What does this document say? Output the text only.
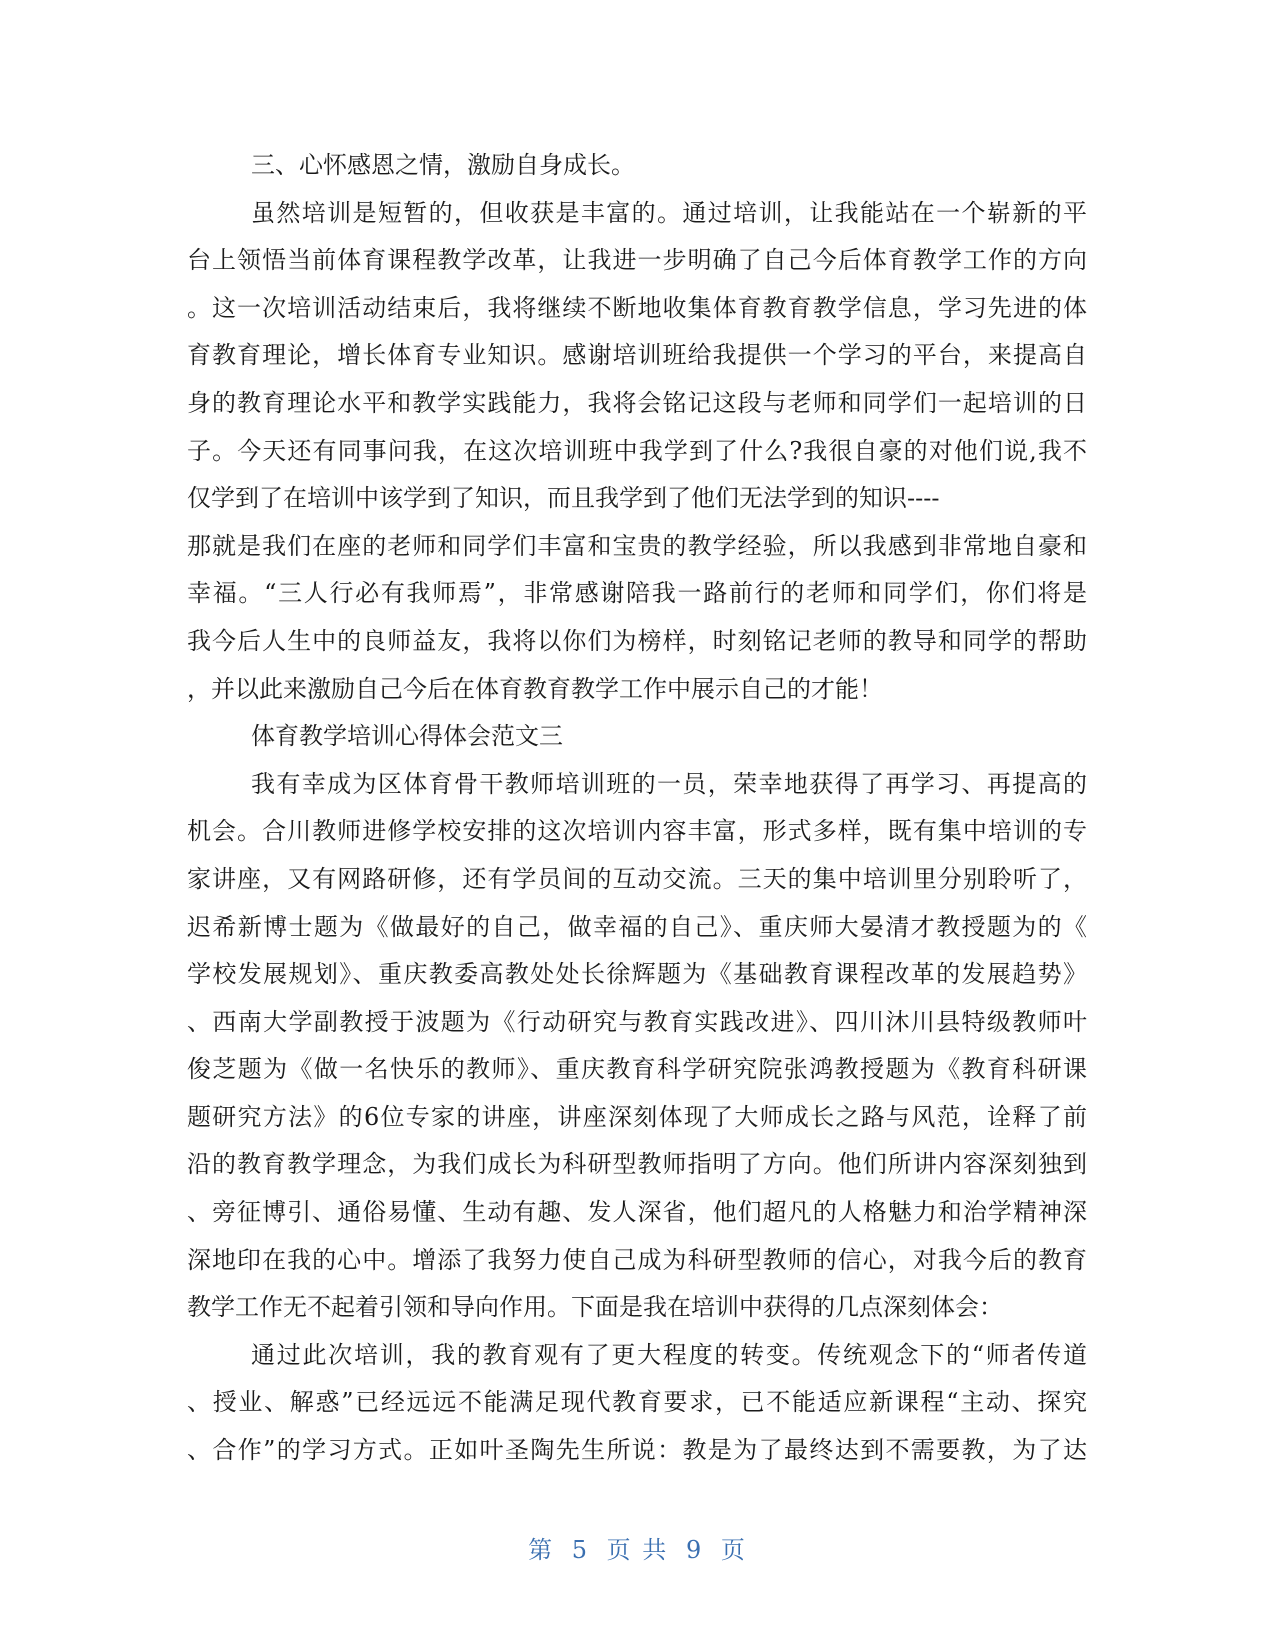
三、心怀感恩之情，激励自身成长。
虽然培训是短暂的，但收获是丰富的。通过培训，让我能站在一个崭新的平
台上领悟当前体育课程教学改革，让我进一步明确了自己今后体育教学工作的方向
。这一次培训活动结束后，我将继续不断地收集体育教育教学信息，学习先进的体
育教育理论，增长体育专业知识。感谢培训班给我提供一个学习的平台，来提高自
身的教育理论水平和教学实践能力，我将会铭记这段与老师和同学们一起培训的日
子。今天还有同事问我，在这次培训班中我学到了什么?我很自豪的对他们说,我不
仅学到了在培训中该学到了知识，而且我学到了他们无法学到的知识----
那就是我们在座的老师和同学们丰富和宝贵的教学经验，所以我感到非常地自豪和
幸福。“三人行必有我师焉”，非常感谢陪我一路前行的老师和同学们，你们将是
我今后人生中的良师益友，我将以你们为榜样，时刻铭记老师的教导和同学的帮助
，并以此来激励自己今后在体育教育教学工作中展示自己的才能！
体育教学培训心得体会范文三
我有幸成为区体育骨干教师培训班的一员，荣幸地获得了再学习、再提高的
机会。合川教师进修学校安排的这次培训内容丰富，形式多样，既有集中培训的专
家讲座，又有网路研修，还有学员间的互动交流。三天的集中培训里分别聆听了，
迟希新博士题为《做最好的自己，做幸福的自己》、重庆师大晏清才教授题为的《
学校发展规划》、重庆教委高教处处长徐辉题为《基础教育课程改革的发展趋势》
、西南大学副教授于波题为《行动研究与教育实践改进》、四川沐川县特级教师叶
俊芝题为《做一名快乐的教师》、重庆教育科学研究院张鸿教授题为《教育科研课
题研究方法》的6位专家的讲座，讲座深刻体现了大师成长之路与风范，诠释了前
沿的教育教学理念，为我们成长为科研型教师指明了方向。他们所讲内容深刻独到
、旁征博引、通俗易懂、生动有趣、发人深省，他们超凡的人格魅力和治学精神深
深地印在我的心中。增添了我努力使自己成为科研型教师的信心，对我今后的教育
教学工作无不起着引领和导向作用。下面是我在培训中获得的几点深刻体会：
通过此次培训，我的教育观有了更大程度的转变。传统观念下的“师者传道
、授业、解惑”已经远远不能满足现代教育要求，已不能适应新课程“主动、探究
、合作”的学习方式。正如叶圣陶先生所说：教是为了最终达到不需要教，为了达
第 5 页 共 9 页
